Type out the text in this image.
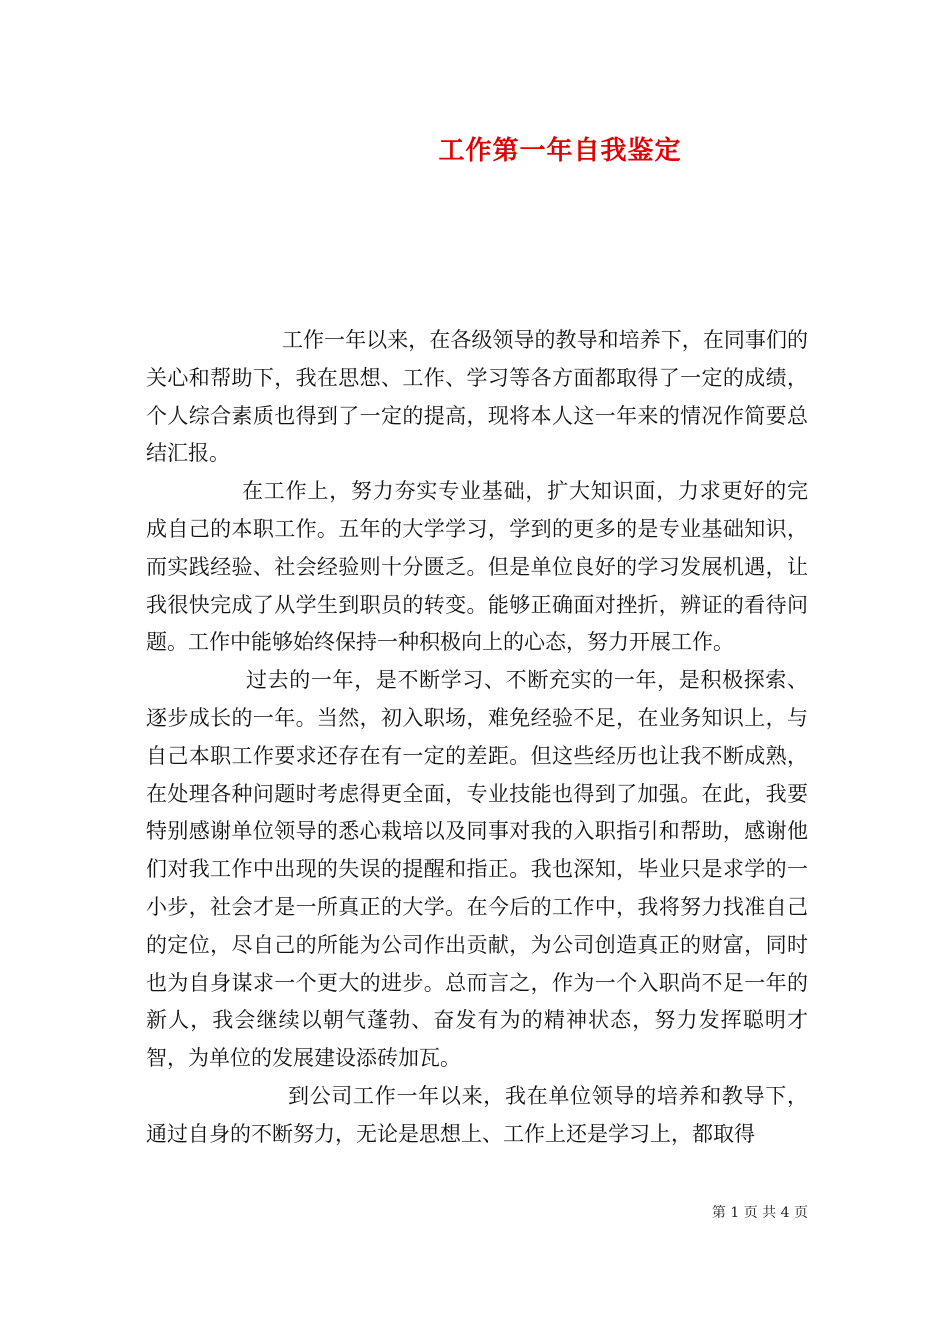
工作第一年自我鉴定

工作一年以来，在各级领导的教导和培养下，在同事们的关心和帮助下，我在思想、工作、学习等各方面都取得了一定的成绩，个人综合素质也得到了一定的提高，现将本人这一年来的情况作简要总结汇报。

在工作上，努力夯实专业基础，扩大知识面，力求更好的完成自己的本职工作。五年的大学学习，学到的更多的是专业基础知识，而实践经验、社会经验则十分匮乏。但是单位良好的学习发展机遇，让我很快完成了从学生到职员的转变。能够正确面对挫折，辨证的看待问题。工作中能够始终保持一种积极向上的心态，努力开展工作。

过去的一年，是不断学习、不断充实的一年，是积极探索、逐步成长的一年。当然，初入职场，难免经验不足，在业务知识上，与自己本职工作要求还存在有一定的差距。但这些经历也让我不断成熟，在处理各种问题时考虑得更全面，专业技能也得到了加强。在此，我要特别感谢单位领导的悉心栽培以及同事对我的入职指引和帮助，感谢他们对我工作中出现的失误的提醒和指正。我也深知，毕业只是求学的一小步，社会才是一所真正的大学。在今后的工作中，我将努力找准自己的定位，尽自己的所能为公司作出贡献，为公司创造真正的财富，同时也为自身谋求一个更大的进步。总而言之，作为一个入职尚不足一年的新人，我会继续以朝气蓬勃、奋发有为的精神状态，努力发挥聪明才智，为单位的发展建设添砖加瓦。

到公司工作一年以来，我在单位领导的培养和教导下，通过自身的不断努力，无论是思想上、工作上还是学习上，都取得

第 1 页 共 4 页
